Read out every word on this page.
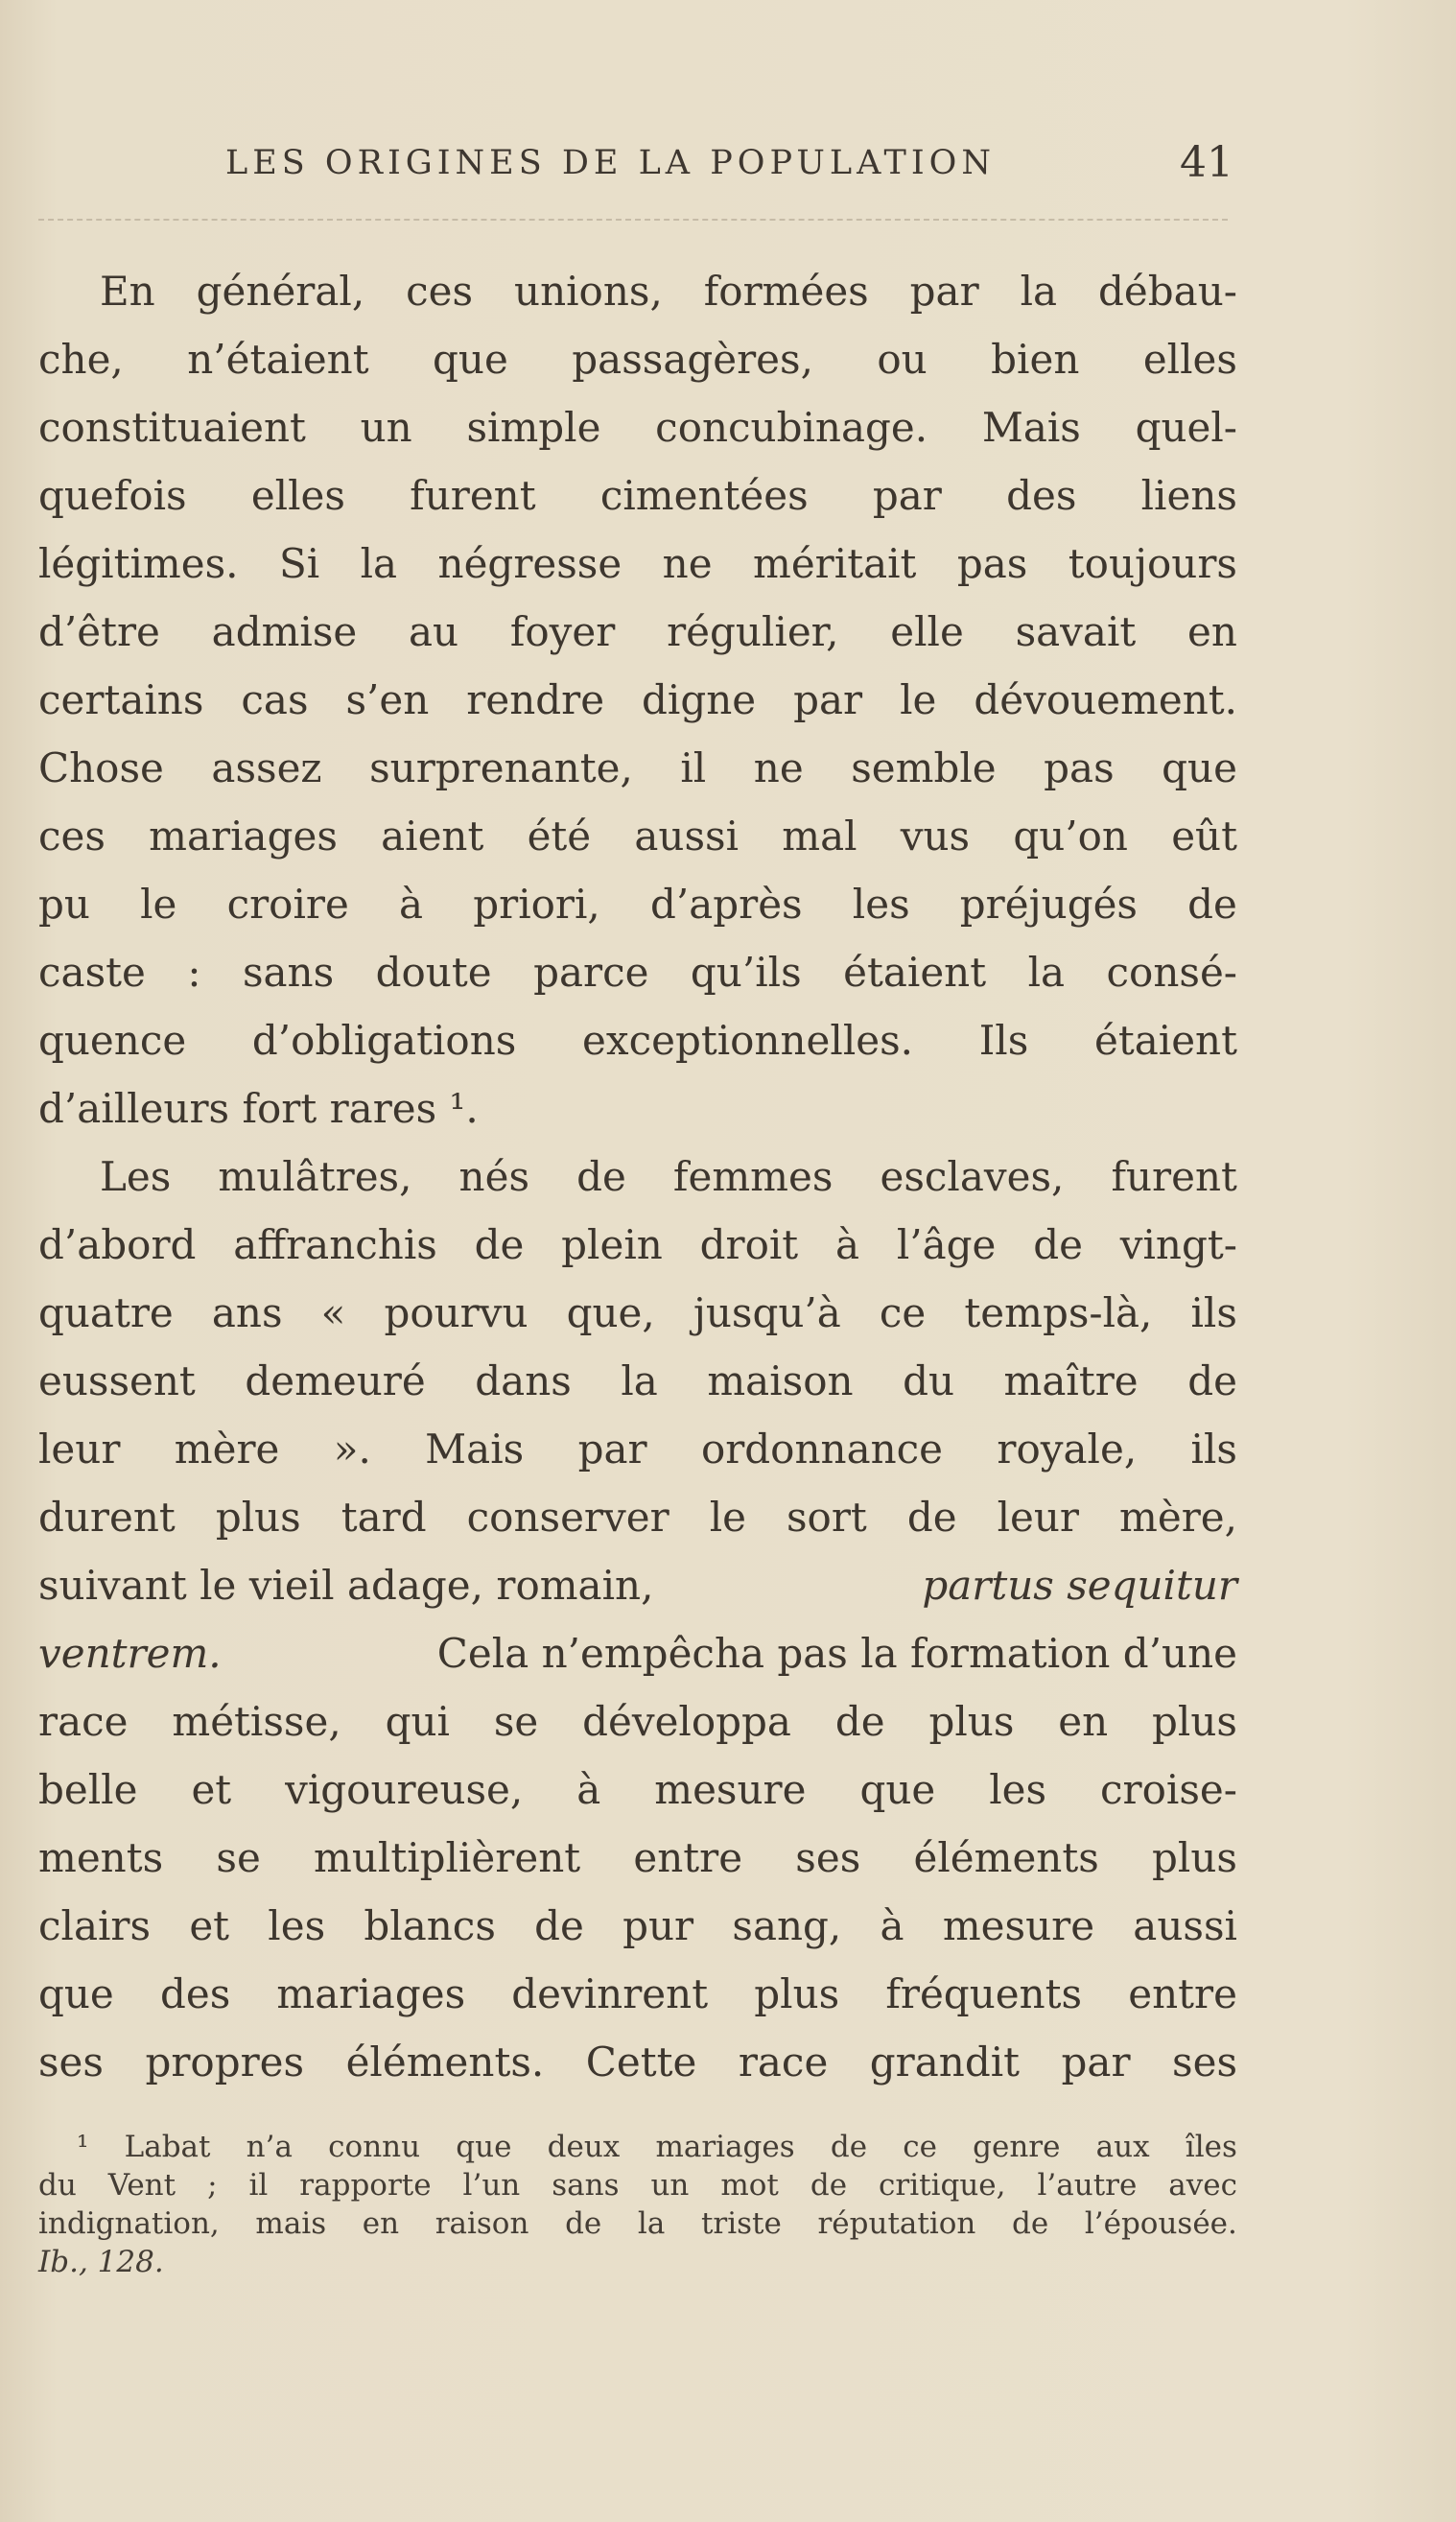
LES ORIGINES DE LA POPULATION	41
En général, ces unions, formées par la débau-
che, n’étaient que passagères, ou bien elles
constituaient un simple concubinage. Mais quel-
quefois elles furent cimentées par des liens
légitimes. Si la négresse ne méritait pas toujours
d’être admise au foyer régulier, elle savait en
certains cas s’en rendre digne par le dévouement.
Chose assez surprenante, il ne semble pas que
ces mariages aient été aussi mal vus qu’on eût
pu le croire à priori, d’après les préjugés de
caste : sans doute parce qu’ils étaient la consé-
quence d’obligations exceptionnelles. Ils étaient
d’ailleurs fort rares ¹.
Les mulâtres, nés de femmes esclaves, furent
d’abord affranchis de plein droit à l’âge de vingt-
quatre ans « pourvu que, jusqu’à ce temps-là, ils
eussent demeuré dans la maison du maître de
leur mère ». Mais par ordonnance royale, ils
durent plus tard conserver le sort de leur mère,
suivant le vieil adage, romain,	partus sequitur
ventrem.	Cela n’empêcha pas la formation d’une
race métisse, qui se développa de plus en plus
belle et vigoureuse, à mesure que les croise-
ments se multiplièrent entre ses éléments plus
clairs et les blancs de pur sang, à mesure aussi
que des mariages devinrent plus fréquents entre
ses propres éléments. Cette race grandit par ses
¹ Labat n’a connu que deux mariages de ce genre aux îles
du Vent ; il rapporte l’un sans un mot de critique, l’autre avec
indignation, mais en raison de la triste réputation de l’épousée.
Ib., 128.
